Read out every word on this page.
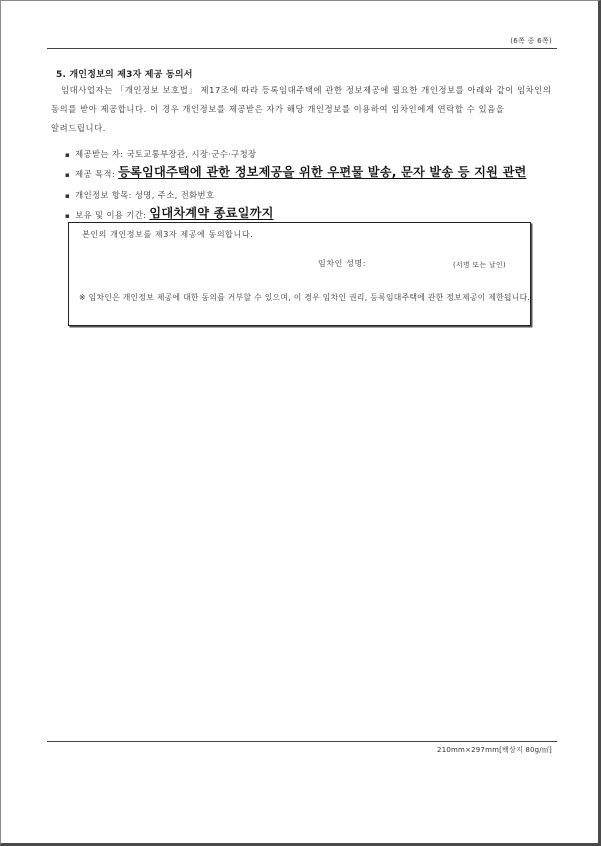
(6쪽 중 6쪽)
5. 개인정보의 제3자 제공 동의서
임대사업자는 「개인정보 보호법」 제17조에 따라 등록임대주택에 관한 정보제공에 필요한 개인정보를 아래와 같이 임차인의 동의를 받아 제공합니다. 이 경우 개인정보를 제공받은 자가 해당 개인정보를 이용하여 임차인에게 연락할 수 있음을 알려드립니다.
▪ 제공받는 자: 국토교통부장관, 시장·군수·구청장
▪ 제공 목적: 등록임대주택에 관한 정보제공을 위한 우편물 발송, 문자 발송 등 지원 관련
▪ 개인정보 항목: 성명, 주소, 전화번호
▪ 보유 및 이용 기간: 임대차계약 종료일까지
본인의 개인정보를 제3자 제공에 동의합니다.
임차인 성명:	(서명 또는 날인)
※ 임차인은 개인정보 제공에 대한 동의를 거부할 수 있으며, 이 경우 임차인 권리, 등록임대주택에 관한 정보제공이 제한됩니다.
210mm×297mm[백상지 80g/㎡]
